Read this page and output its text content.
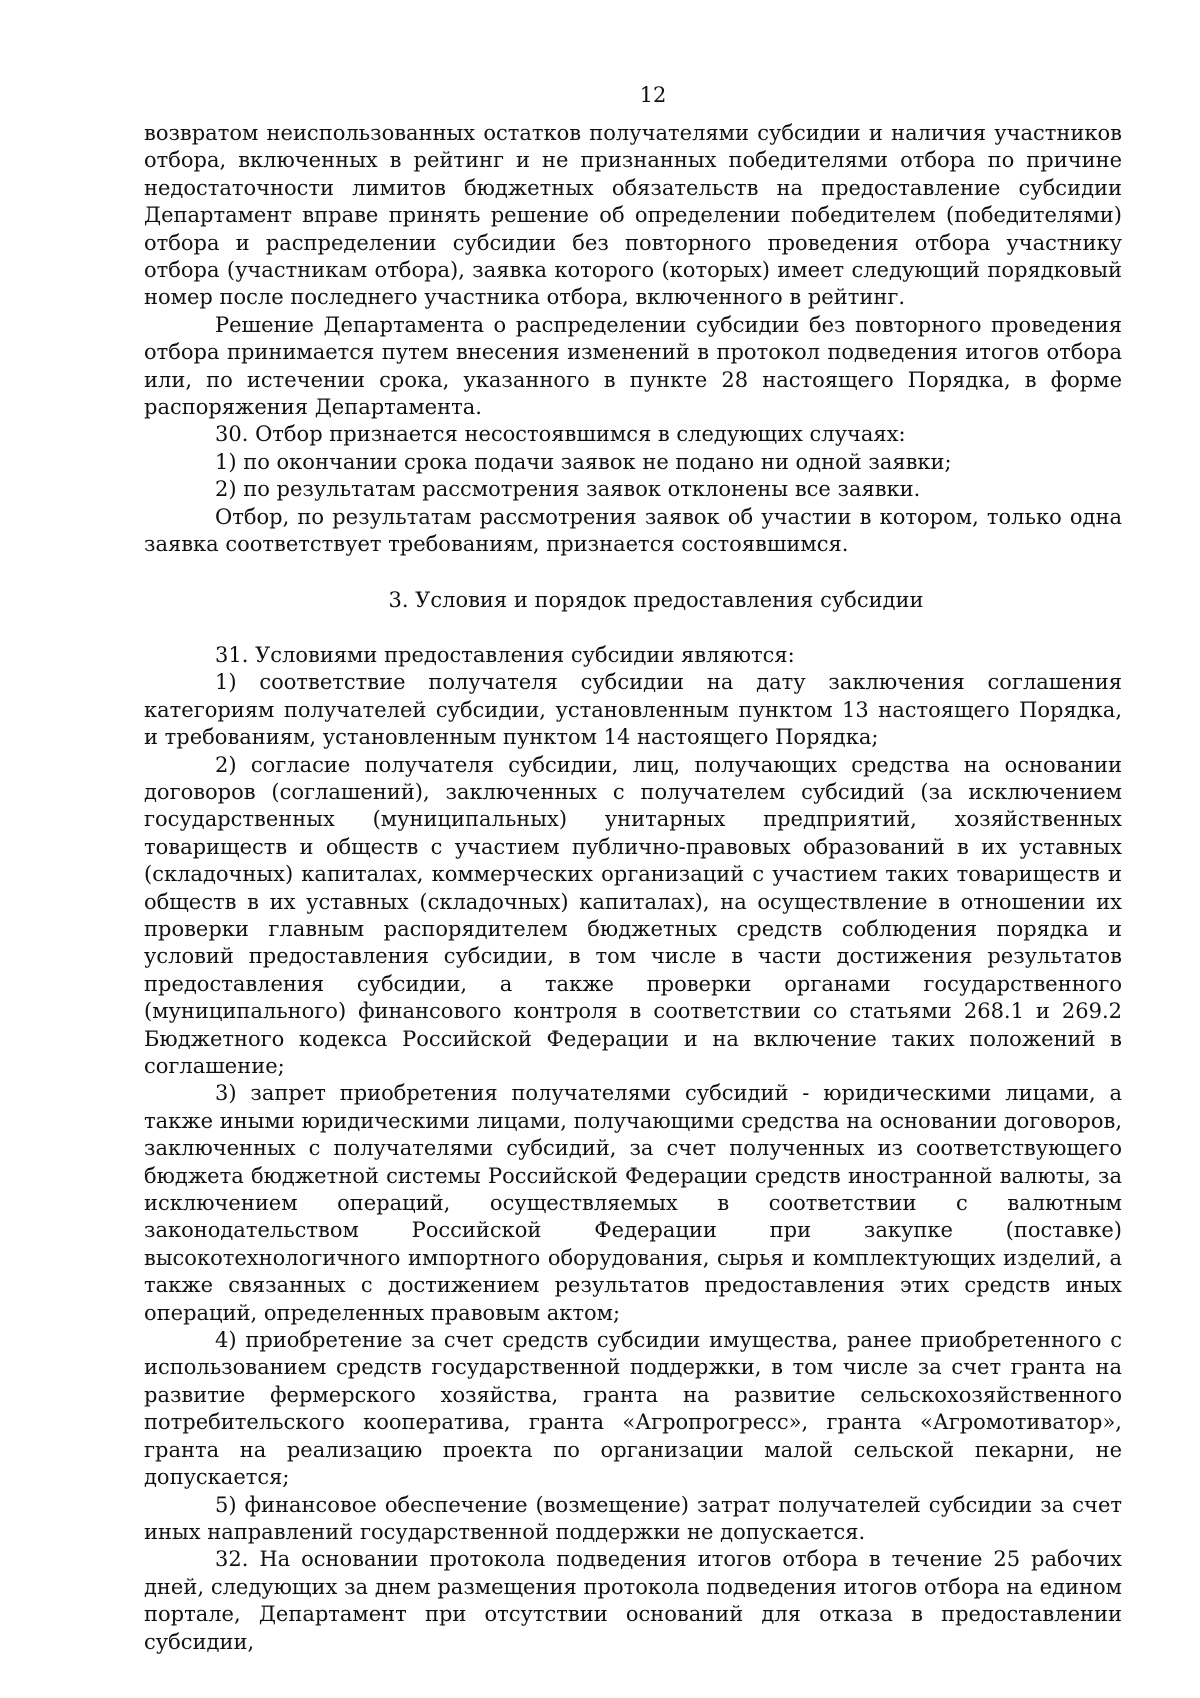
12

возвратом неиспользованных остатков получателями субсидии и наличия участников отбора, включенных в рейтинг и не признанных победителями отбора по причине недостаточности лимитов бюджетных обязательств на предоставление субсидии Департамент вправе принять решение об определении победителем (победителями) отбора и распределении субсидии без повторного проведения отбора участнику отбора (участникам отбора), заявка которого (которых) имеет следующий порядковый номер после последнего участника отбора, включенного в рейтинг.

Решение Департамента о распределении субсидии без повторного проведения отбора принимается путем внесения изменений в протокол подведения итогов отбора или, по истечении срока, указанного в пункте 28 настоящего Порядка, в форме распоряжения Департамента.

30. Отбор признается несостоявшимся в следующих случаях:

1) по окончании срока подачи заявок не подано ни одной заявки;

2) по результатам рассмотрения заявок отклонены все заявки.

Отбор, по результатам рассмотрения заявок об участии в котором, только одна заявка соответствует требованиям, признается состоявшимся.

3. Условия и порядок предоставления субсидии

31. Условиями предоставления субсидии являются:

1) соответствие получателя субсидии на дату заключения соглашения категориям получателей субсидии, установленным пунктом 13 настоящего Порядка, и требованиям, установленным пунктом 14 настоящего Порядка;

2) согласие получателя субсидии, лиц, получающих средства на основании договоров (соглашений), заключенных с получателем субсидий (за исключением государственных (муниципальных) унитарных предприятий, хозяйственных товариществ и обществ с участием публично-правовых образований в их уставных (складочных) капиталах, коммерческих организаций с участием таких товариществ и обществ в их уставных (складочных) капиталах), на осуществление в отношении их проверки главным распорядителем бюджетных средств соблюдения порядка и условий предоставления субсидии, в том числе в части достижения результатов предоставления субсидии, а также проверки органами государственного (муниципального) финансового контроля в соответствии со статьями 268.1 и 269.2 Бюджетного кодекса Российской Федерации и на включение таких положений в соглашение;

3) запрет приобретения получателями субсидий - юридическими лицами, а также иными юридическими лицами, получающими средства на основании договоров, заключенных с получателями субсидий, за счет полученных из соответствующего бюджета бюджетной системы Российской Федерации средств иностранной валюты, за исключением операций, осуществляемых в соответствии с валютным законодательством Российской Федерации при закупке (поставке) высокотехнологичного импортного оборудования, сырья и комплектующих изделий, а также связанных с достижением результатов предоставления этих средств иных операций, определенных правовым актом;

4) приобретение за счет средств субсидии имущества, ранее приобретенного с использованием средств государственной поддержки, в том числе за счет гранта на развитие фермерского хозяйства, гранта на развитие сельскохозяйственного потребительского кооператива, гранта «Агропрогресс», гранта «Агромотиватор», гранта на реализацию проекта по организации малой сельской пекарни, не допускается;

5) финансовое обеспечение (возмещение) затрат получателей субсидии за счет иных направлений государственной поддержки не допускается.

32. На основании протокола подведения итогов отбора в течение 25 рабочих дней, следующих за днем размещения протокола подведения итогов отбора на едином портале, Департамент при отсутствии оснований для отказа в предоставлении субсидии,
